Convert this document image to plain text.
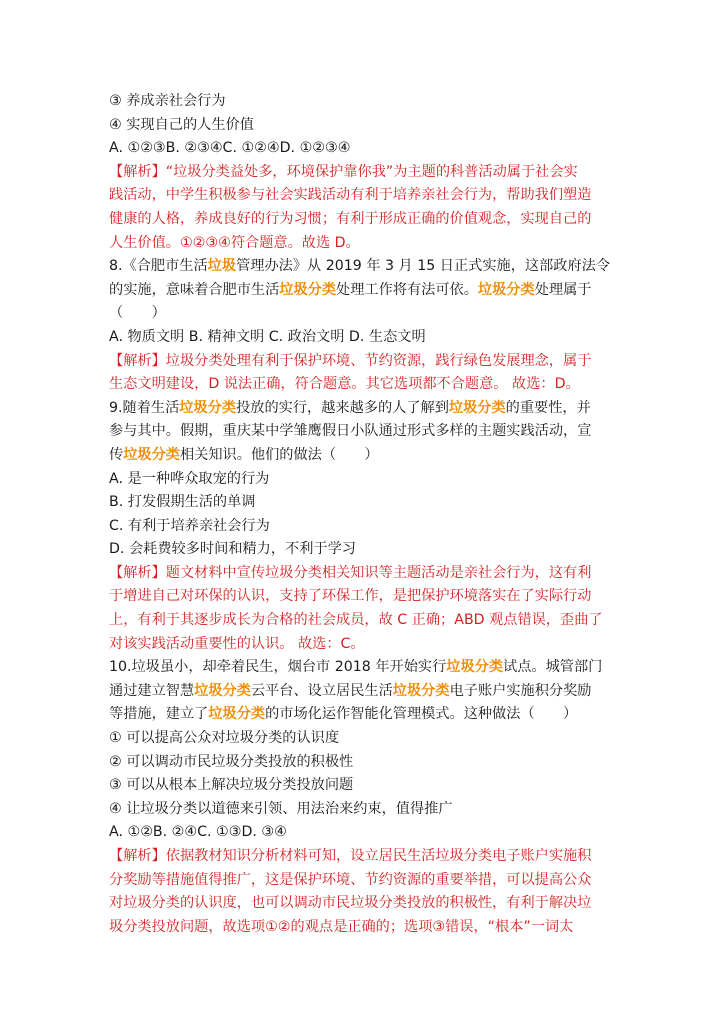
③ 养成亲社会行为
④ 实现自己的人生价值
A. ①②③B. ②③④C. ①②④D. ①②③④
【解析】“垃圾分类益处多，环境保护靠你我”为主题的科普活动属于社会实
践活动，中学生积极参与社会实践活动有利于培养亲社会行为，帮助我们塑造
健康的人格，养成良好的行为习惯；有利于形成正确的价值观念，实现自己的
人生价值。①②③④符合题意。故选 D。
8.《合肥市生活垃圾管理办法》从 2019 年 3 月 15 日正式实施，这部政府法令
的实施，意味着合肥市生活垃圾分类处理工作将有法可依。垃圾分类处理属于
（　　）
A. 物质文明 B. 精神文明 C. 政治文明 D. 生态文明
【解析】垃圾分类处理有利于保护环境、节约资源，践行绿色发展理念，属于
生态文明建设，D 说法正确，符合题意。其它选项都不合题意。 故选：D。
9.随着生活垃圾分类投放的实行，越来越多的人了解到垃圾分类的重要性，并
参与其中。假期，重庆某中学雏鹰假日小队通过形式多样的主题实践活动，宣
传垃圾分类相关知识。他们的做法（　　）
A. 是一种哗众取宠的行为
B. 打发假期生活的单调
C. 有利于培养亲社会行为
D. 会耗费较多时间和精力，不利于学习
【解析】题文材料中宣传垃圾分类相关知识等主题活动是亲社会行为，这有利
于增进自己对环保的认识，支持了环保工作，是把保护环境落实在了实际行动
上，有利于其逐步成长为合格的社会成员，故 C 正确；ABD 观点错误，歪曲了
对该实践活动重要性的认识。 故选：C。
10.垃圾虽小，却牵着民生，烟台市 2018 年开始实行垃圾分类试点。城管部门
通过建立智慧垃圾分类云平台、设立居民生活垃圾分类电子账户实施积分奖励
等措施，建立了垃圾分类的市场化运作智能化管理模式。这种做法（　　）
① 可以提高公众对垃圾分类的认识度
② 可以调动市民垃圾分类投放的积极性
③ 可以从根本上解决垃圾分类投放问题
④ 让垃圾分类以道德来引领、用法治来约束，值得推广
A. ①②B. ②④C. ①③D. ③④
【解析】依据教材知识分析材料可知，设立居民生活垃圾分类电子账户实施积
分奖励等措施值得推广，这是保护环境、节约资源的重要举措，可以提高公众
对垃圾分类的认识度，也可以调动市民垃圾分类投放的积极性，有利于解决垃
圾分类投放问题，故选项①②的观点是正确的；选项③错误，“根本”一词太
